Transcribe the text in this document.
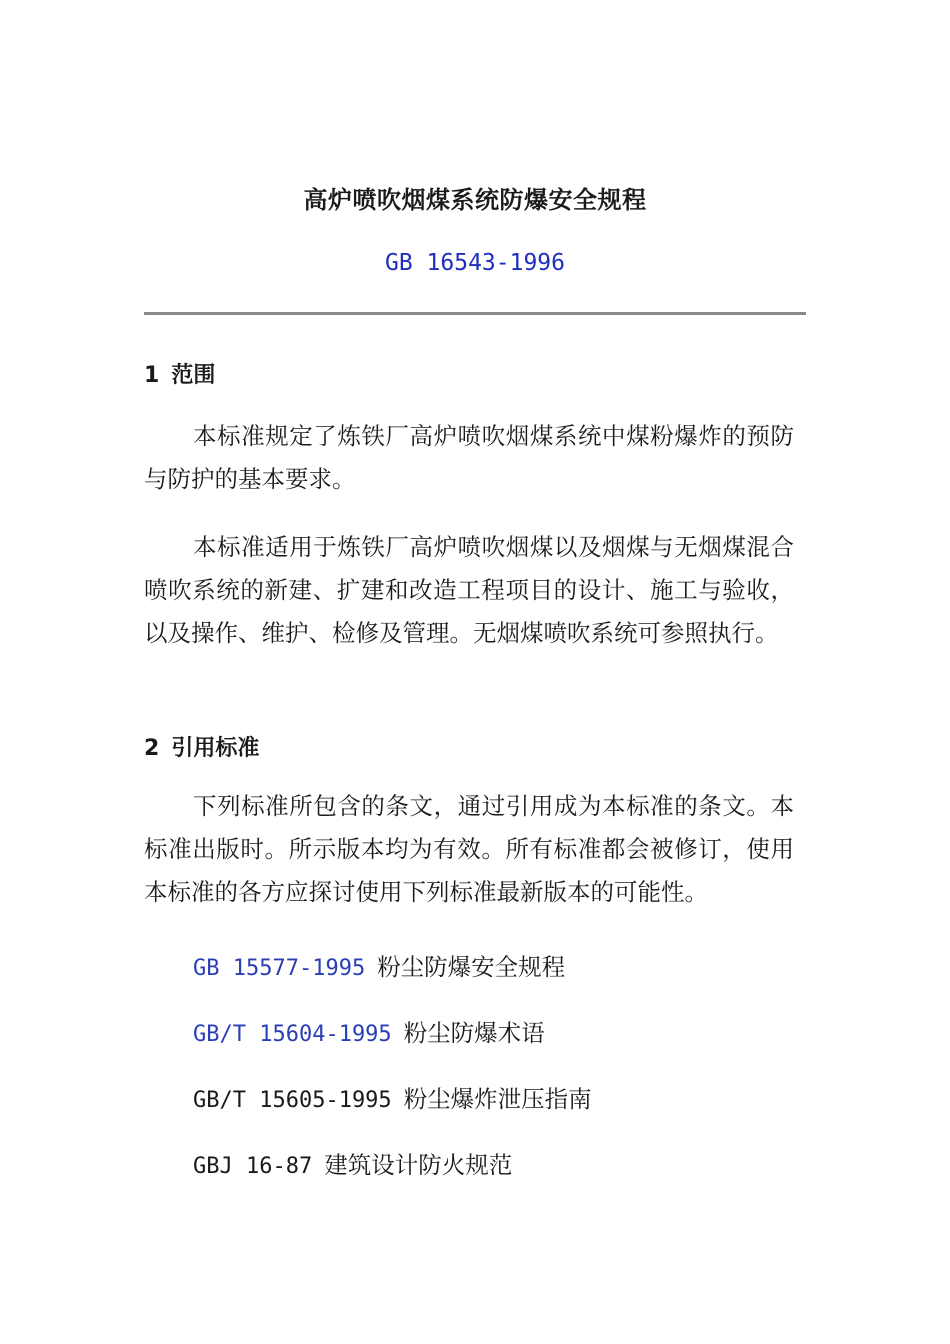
高炉喷吹烟煤系统防爆安全规程
GB 16543-1996
1 范围

本标准规定了炼铁厂高炉喷吹烟煤系统中煤粉爆炸的预防与防护的基本要求。

本标准适用于炼铁厂高炉喷吹烟煤以及烟煤与无烟煤混合喷吹系统的新建、扩建和改造工程项目的设计、施工与验收，以及操作、维护、检修及管理。无烟煤喷吹系统可参照执行。

2 引用标准

下列标准所包含的条文，通过引用成为本标准的条文。本标准出版时。所示版本均为有效。所有标准都会被修订，使用本标准的各方应探讨使用下列标准最新版本的可能性。

GB 15577-1995 粉尘防爆安全规程
GB/T 15604-1995 粉尘防爆术语
GB/T 15605-1995 粉尘爆炸泄压指南
GBJ 16-87 建筑设计防火规范
